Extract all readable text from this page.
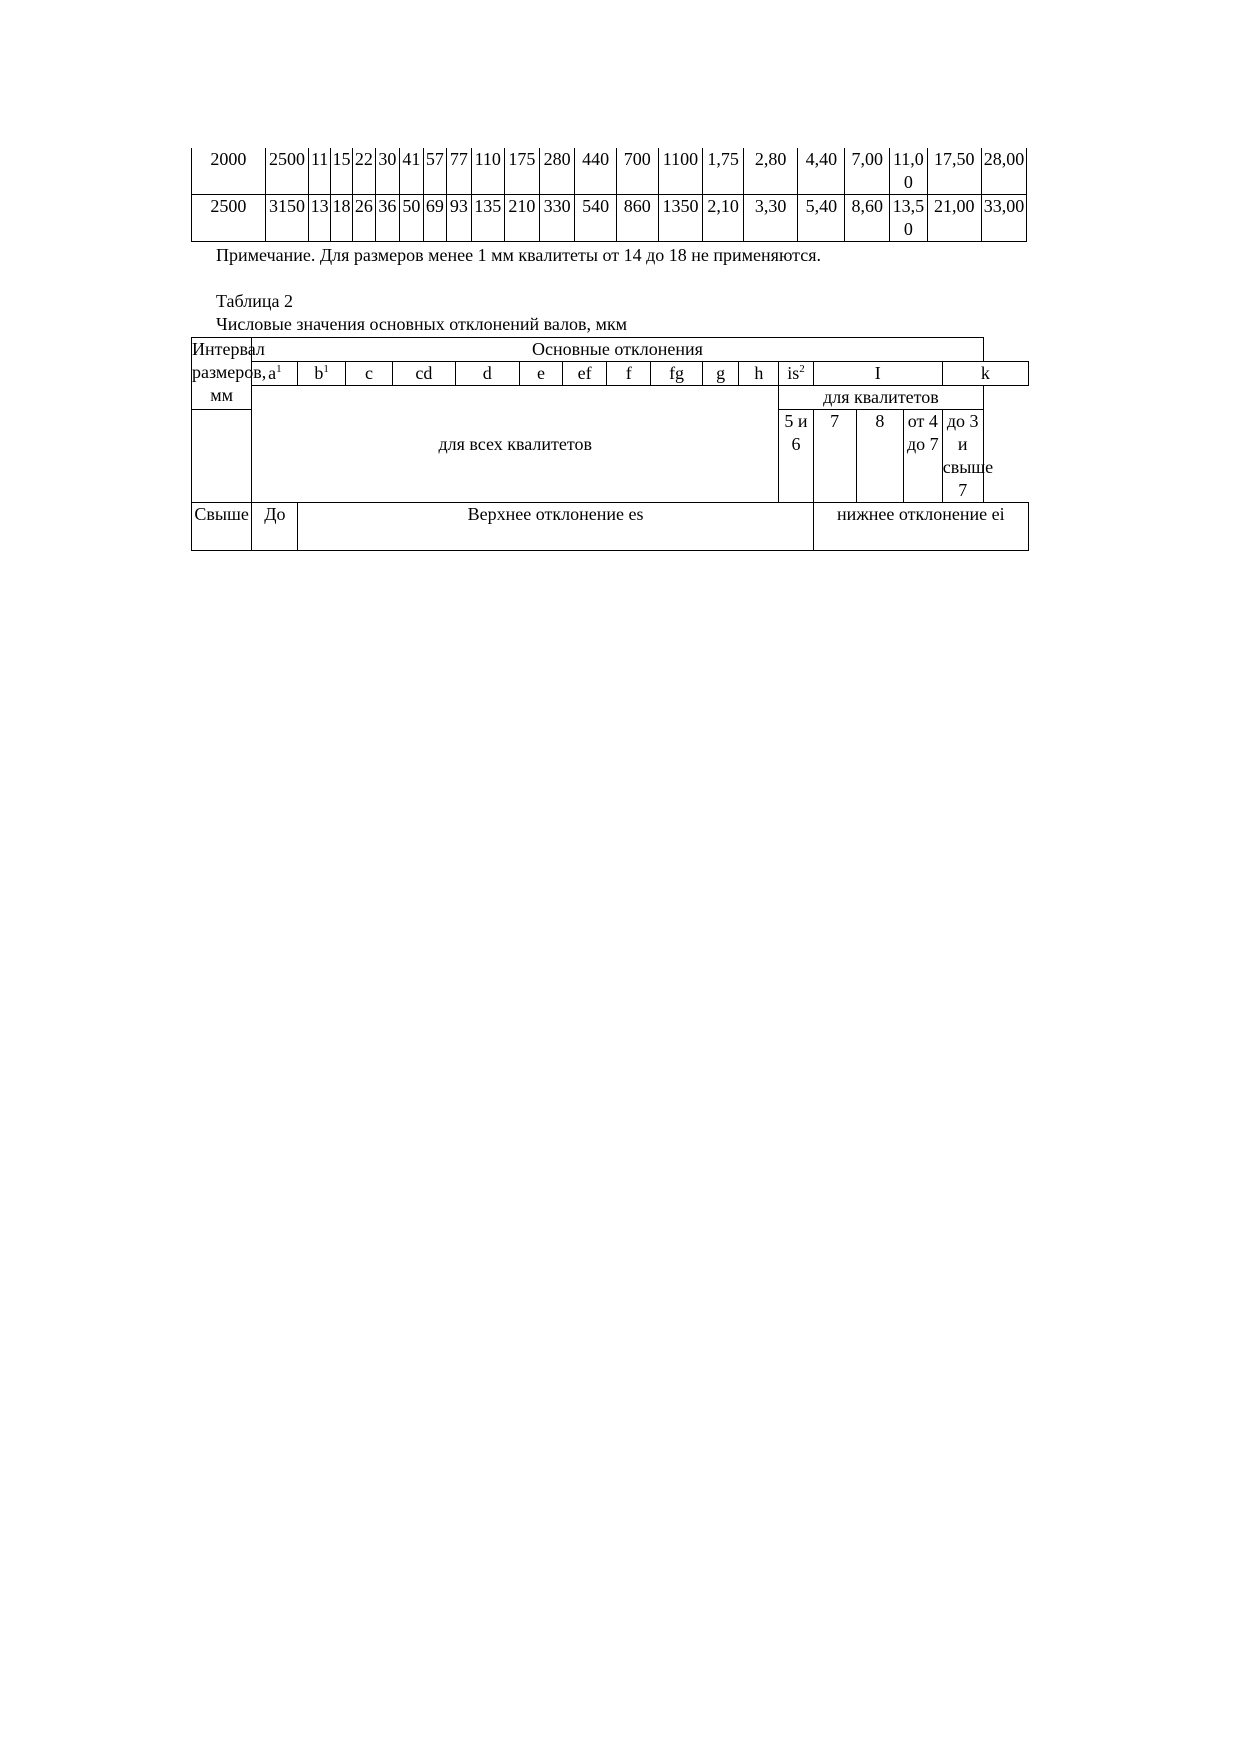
2000	2500	11	15	22	30	41	57	77	110	175	280	440	700	1100	1,75	2,80	4,40	7,00	11,00	17,50	28,00
2500	3150	13	18	26	36	50	69	93	135	210	330	540	860	1350	2,10	3,30	5,40	8,60	13,50	21,00	33,00
Примечание. Для размеров менее 1 мм квалитеты от 14 до 18 не применяются.
Таблица 2
Числовые значения основных отклонений валов, мкм
Интервал размеров, мм	Основные отклонения															
	$a^1$	$b^1$	c	cd	d	e	ef	f	fg	g	h	$is^2$	I			k
	для всех квалитетов											для квалитетов				
												5 и 6	7	8	от 4 до 7	до 3 и свыше 7
Свыше	До	Верхнее отклонение es											нижнее отклонение ei			
